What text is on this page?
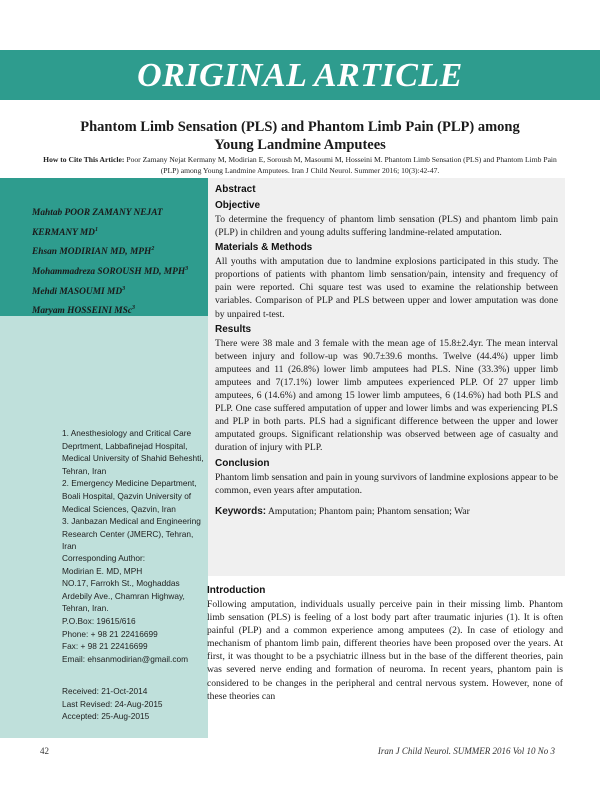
ORIGINAL ARTICLE
Phantom Limb Sensation (PLS) and Phantom Limb Pain (PLP) among Young Landmine Amputees
How to Cite This Article: Poor Zamany Nejat Kermany M, Modirian E, Soroush M, Masoumi M, Hosseini M. Phantom Limb Sensation (PLS) and Phantom Limb Pain (PLP) among Young Landmine Amputees. Iran J Child Neurol. Summer 2016; 10(3):42-47.
Mahtab POOR ZAMANY NEJAT KERMANY $MD^1$
Ehsan MODIRIAN MD, MPH$^2$
Mohammadreza SOROUSH MD, MPH$^3$
Mehdi MASOUMI $MD^3$
Maryam HOSSEINI MSc$^3$
1. Anesthesiology and Critical Care Deprtment, Labbafinejad Hospital, Medical University of Shahid Beheshti, Tehran, Iran
2. Emergency Medicine Department, Boali Hospital, Qazvin University of Medical Sciences, Qazvin, Iran
3. Janbazan Medical and Engineering Research Center (JMERC), Tehran, Iran
Corresponding Author:
Modirian E. MD, MPH
NO.17, Farrokh St., Moghaddas Ardebily Ave., Chamran Highway, Tehran, Iran.
P.O.Box: 19615/616
Phone: + 98 21 22416699
Fax: + 98 21 22416699
Email: ehsanmodirian@gmail.com
Received: 21-Oct-2014
Last Revised: 24-Aug-2015
Accepted: 25-Aug-2015
Abstract
Objective

To determine the frequency of phantom limb sensation (PLS) and phantom limb pain (PLP) in children and young adults suffering landmine-related amputation.

Materials & Methods

All youths with amputation due to landmine explosions participated in this study. The proportions of patients with phantom limb sensation/pain, intensity and frequency of pain were reported. Chi square test was used to examine the relationship between variables. Comparison of PLP and PLS between upper and lower amputation was done by unpaired t-test.

Results

There were 38 male and 3 female with the mean age of 15.8±2.4yr. The mean interval between injury and follow-up was 90.7±39.6 months. Twelve (44.4%) upper limb amputees and 11 (26.8%) lower limb amputees had PLS. Nine (33.3%) upper limb amputees and 7(17.1%) lower limb amputees experienced PLP. Of 27 upper limb amputees, 6 (14.6%) and among 15 lower limb amputees, 6 (14.6%) had both PLS and PLP. One case suffered amputation of upper and lower limbs and was experiencing PLS and PLP in both parts. PLS had a significant difference between the upper and lower amputated groups. Significant relationship was observed between age of casualty and duration of injury with PLP.

Conclusion

Phantom limb sensation and pain in young survivors of landmine explosions appear to be common, even years after amputation.

Keywords: Amputation; Phantom pain; Phantom sensation; War
Introduction

Following amputation, individuals usually perceive pain in their missing limb. Phantom limb sensation (PLS) is feeling of a lost body part after traumatic injuries (1). It is often painful (PLP) and a common experience among amputees (2). In case of etiology and mechanism of phantom limb pain, different theories have been proposed over the years. At first, it was thought to be a psychiatric illness but in the base of the different theories, pain was severed nerve ending and formation of neuroma. In recent years, phantom pain is considered to be changes in the peripheral and central nervous system. However, none of these theories can

42	Iran J Child Neurol. SUMMER 2016 Vol 10 No 3
